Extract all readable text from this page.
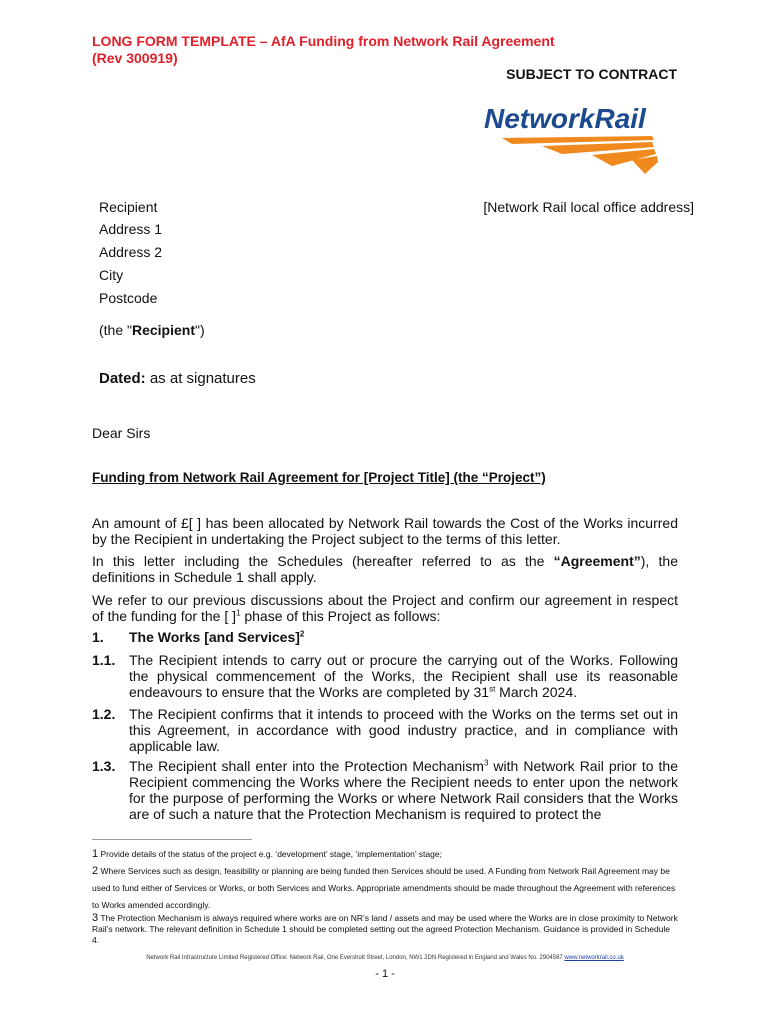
LONG FORM TEMPLATE – AfA Funding from Network Rail Agreement
(Rev 300919)
SUBJECT TO CONTRACT
NetworkRail
Recipient
Address 1
Address 2
City
Postcode
[Network Rail local office address]
(the "Recipient")
Dated: as at signatures
Dear Sirs
Funding from Network Rail Agreement for [Project Title] (the “Project”)
An amount of £[ ] has been allocated by Network Rail towards the Cost of the Works incurred by the Recipient in undertaking the Project subject to the terms of this letter.
In this letter including the Schedules (hereafter referred to as the “Agreement”), the definitions in Schedule 1 shall apply.
We refer to our previous discussions about the Project and confirm our agreement in respect of the funding for the [ ]$^1$ phase of this Project as follows:
1. The Works [and Services]$^2$
1.1. The Recipient intends to carry out or procure the carrying out of the Works. Following the physical commencement of the Works, the Recipient shall use its reasonable endeavours to ensure that the Works are completed by 31st March 2024.
1.2. The Recipient confirms that it intends to proceed with the Works on the terms set out in this Agreement, in accordance with good industry practice, and in compliance with applicable law.
1.3. The Recipient shall enter into the Protection Mechanism$^3$ with Network Rail prior to the Recipient commencing the Works where the Recipient needs to enter upon the network for the purpose of performing the Works or where Network Rail considers that the Works are of such a nature that the Protection Mechanism is required to protect the
1 Provide details of the status of the project e.g. ‘development’ stage, ‘implementation’ stage;
2 Where Services such as design, feasibility or planning are being funded then Services should be used. A Funding from Network Rail Agreement may be used to fund either of Services or Works, or both Services and Works. Appropriate amendments should be made throughout the Agreement with references to Works amended accordingly.
3 The Protection Mechanism is always required where works are on NR’s land / assets and may be used where the Works are in close proximity to Network Rail’s network. The relevant definition in Schedule 1 should be completed setting out the agreed Protection Mechanism. Guidance is provided in Schedule 4.
Network Rail Infrastructure Limited Registered Office: Network Rail, One Eversholt Street, London, NW1 2DN Registered in England and Wales No. 2904587 www.networkrail.co.uk
- 1 -
